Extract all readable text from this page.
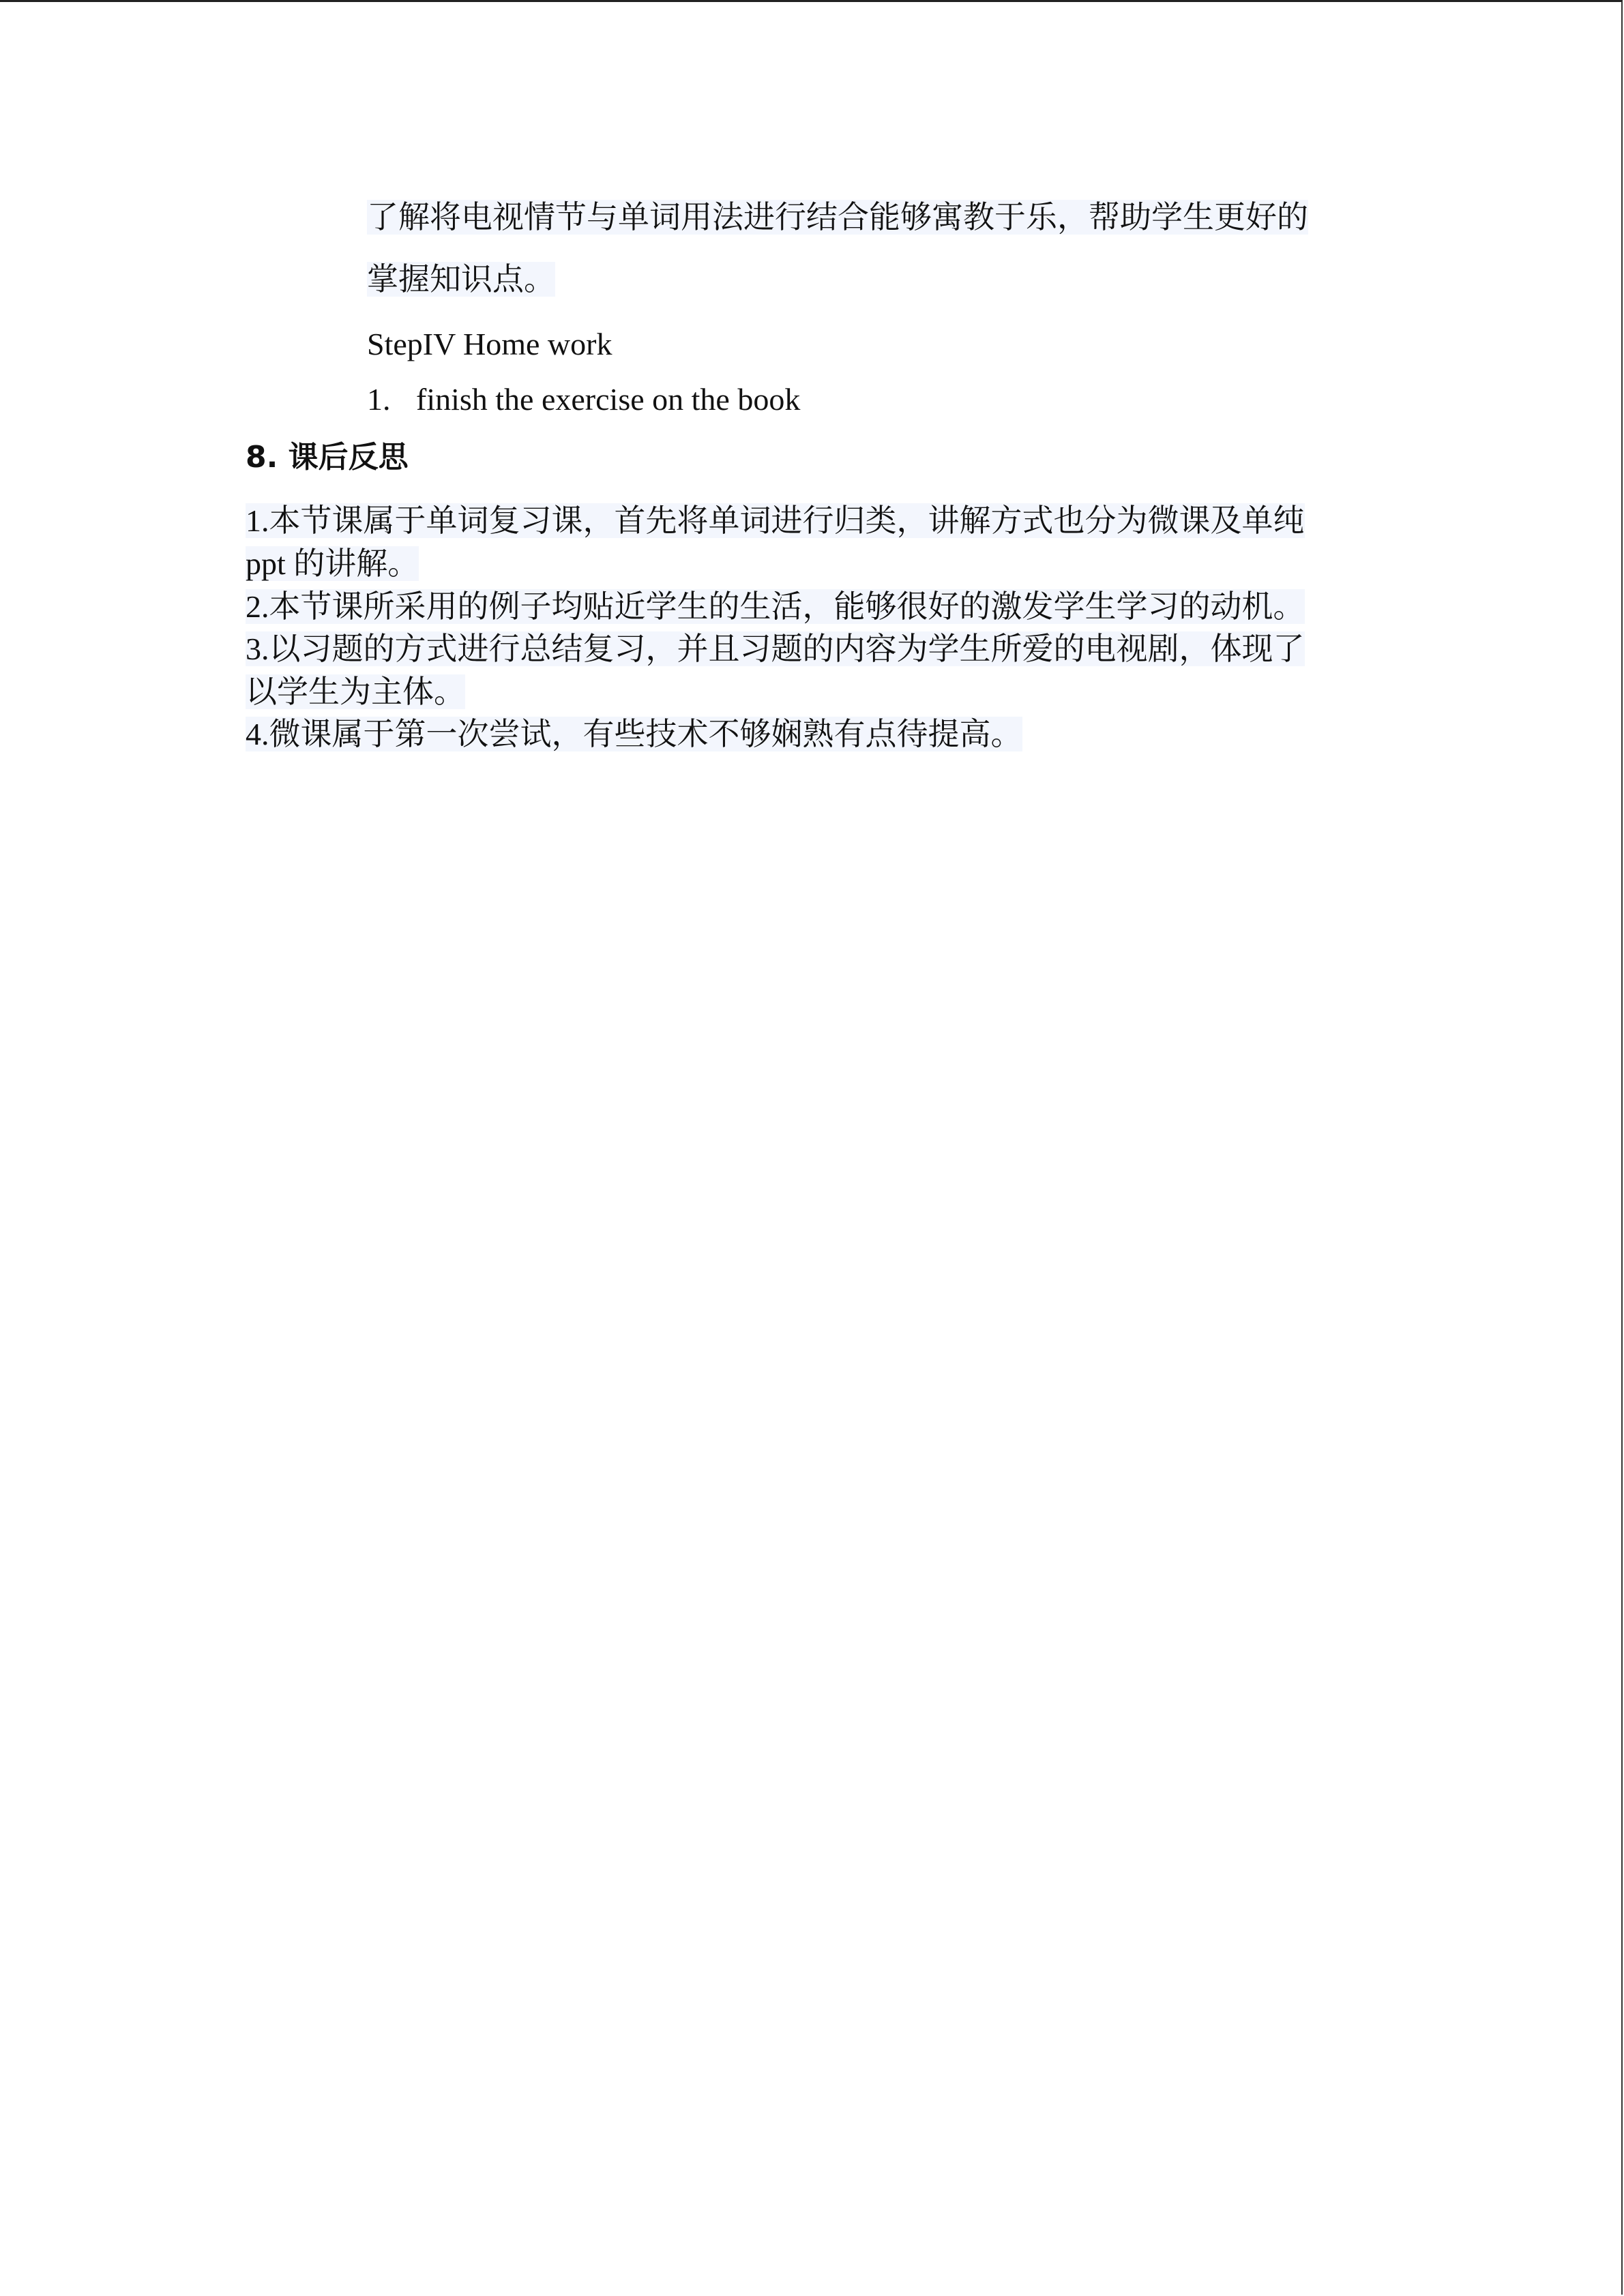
了解将电视情节与单词用法进行结合能够寓教于乐，帮助学生更好的
掌握知识点。
StepIV Home work
1. finish the exercise on the book
8. 课后反思
1.本节课属于单词复习课，首先将单词进行归类，讲解方式也分为微课及单纯
ppt 的讲解。
2.本节课所采用的例子均贴近学生的生活，能够很好的激发学生学习的动机。
3.以习题的方式进行总结复习，并且习题的内容为学生所爱的电视剧，体现了
以学生为主体。
4.微课属于第一次尝试，有些技术不够娴熟有点待提高。
